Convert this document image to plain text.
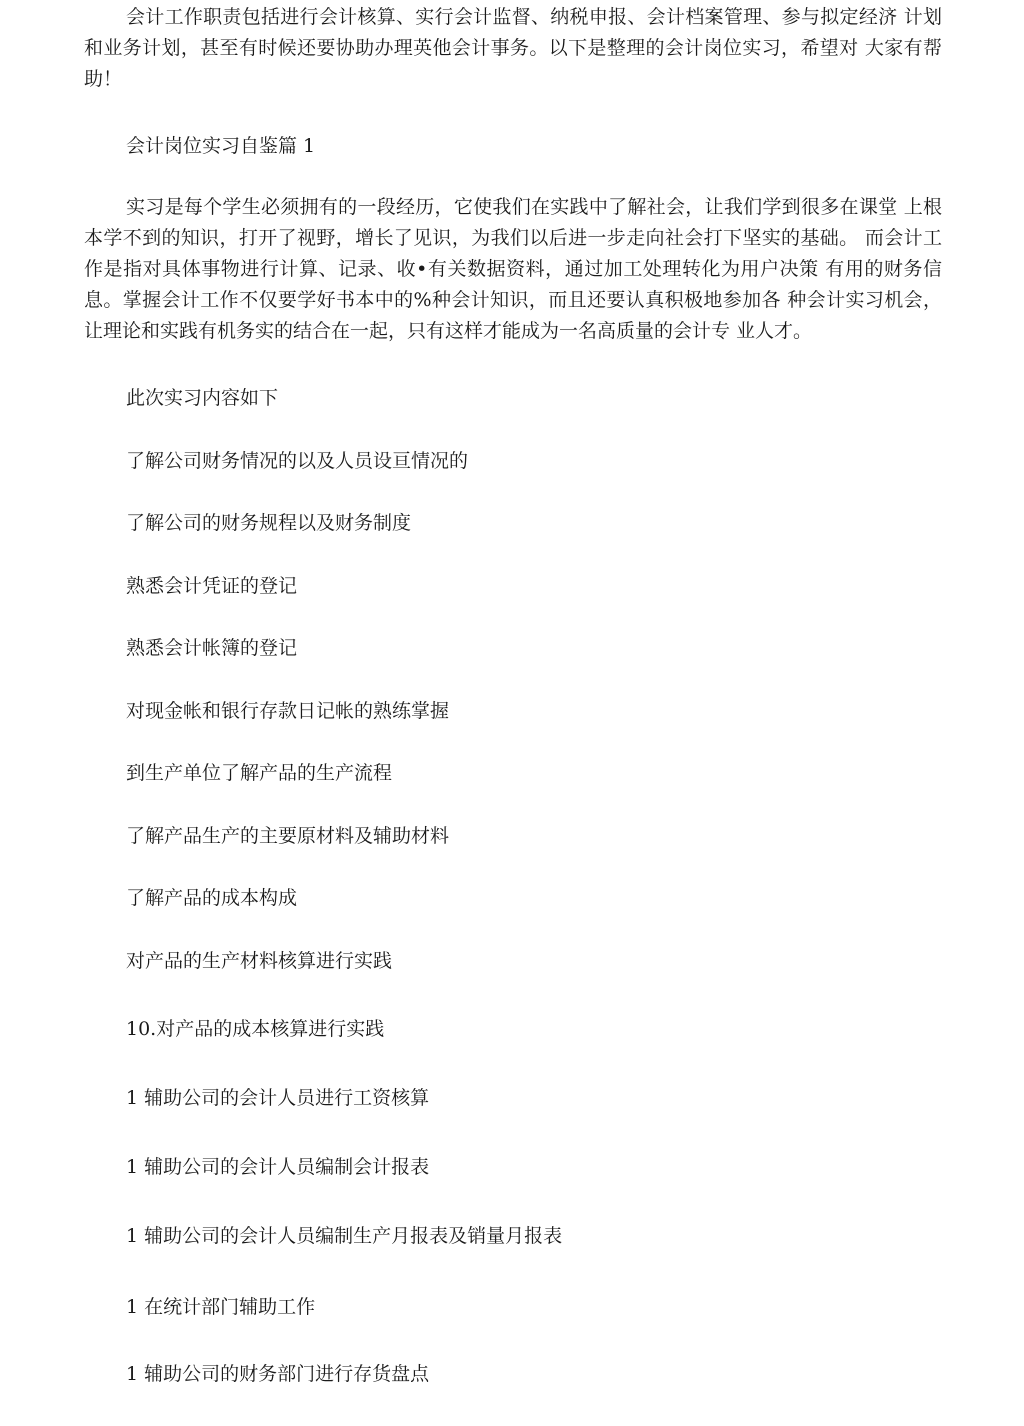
会计工作职责包括进行会计核算、实行会计监督、纳税申报、会计档案管理、参与拟定经济 计划和业务计划，甚至有时候还要协助办理英他会计事务。以下是整理的会计岗位实习，希望对 大家有帮助！

会计岗位实习自鉴篇 1

实习是每个学生必须拥有的一段经历，它使我们在实践中了解社会，让我们学到很多在课堂 上根本学不到的知识，打开了视野，增长了见识，为我们以后进一步走向社会打下坚实的基础。 而会计工作是指对具体事物进行计算、记录、收•有关数据资料，通过加工处理转化为用户决策 有用的财务信息。掌握会计工作不仅要学好书本中的%种会计知识，而且还要认真积极地参加各 种会计实习机会，让理论和实践有机务实的结合在一起，只有这样才能成为一名高质量的会计专 业人才。

此次实习内容如下

了解公司财务情况的以及人员设亘情况的

了解公司的财务规程以及财务制度

熟悉会计凭证的登记

熟悉会计帐簿的登记

对现金帐和银行存款日记帐的熟练掌握

到生产单位了解产品的生产流程

了解产品生产的主要原材料及辅助材料

了解产品的成本构成

对产品的生产材料核算进行实践

10.对产品的成本核算进行实践

1 辅助公司的会计人员进行工资核算

1 辅助公司的会计人员编制会计报表

1 辅助公司的会计人员编制生产月报表及销量月报表

1 在统计部门辅助工作

1 辅助公司的财务部门进行存货盘点
